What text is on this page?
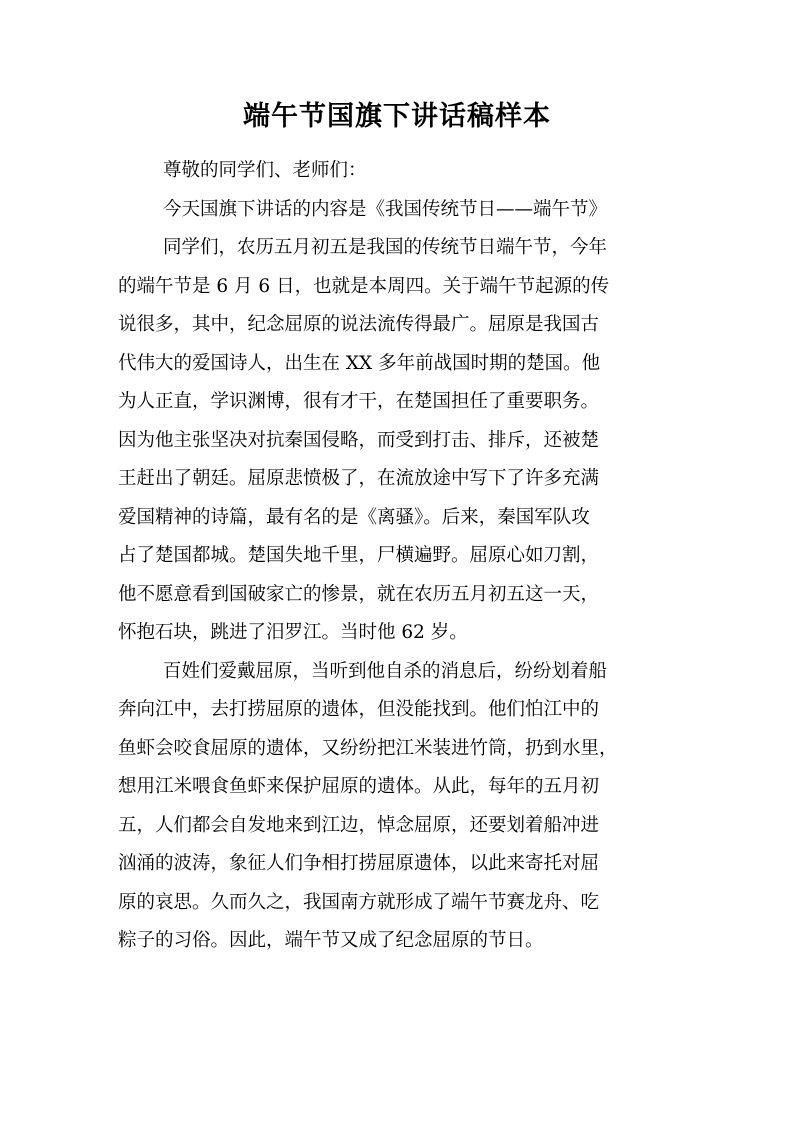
端午节国旗下讲话稿样本

尊敬的同学们、老师们：

今天国旗下讲话的内容是《我国传统节日——端午节》

同学们，农历五月初五是我国的传统节日端午节，今年

的端午节是 6 月 6 日，也就是本周四。关于端午节起源的传

说很多，其中，纪念屈原的说法流传得最广。屈原是我国古

代伟大的爱国诗人，出生在 XX 多年前战国时期的楚国。他

为人正直，学识渊博，很有才干，在楚国担任了重要职务。

因为他主张坚决对抗秦国侵略，而受到打击、排斥，还被楚

王赶出了朝廷。屈原悲愤极了，在流放途中写下了许多充满

爱国精神的诗篇，最有名的是《离骚》。后来，秦国军队攻

占了楚国都城。楚国失地千里，尸横遍野。屈原心如刀割，

他不愿意看到国破家亡的惨景，就在农历五月初五这一天，

怀抱石块，跳进了汨罗江。当时他 62 岁。

百姓们爱戴屈原，当听到他自杀的消息后，纷纷划着船

奔向江中，去打捞屈原的遗体，但没能找到。他们怕江中的

鱼虾会咬食屈原的遗体，又纷纷把江米装进竹筒，扔到水里，

想用江米喂食鱼虾来保护屈原的遗体。从此，每年的五月初

五，人们都会自发地来到江边，悼念屈原，还要划着船冲进

汹涌的波涛，象征人们争相打捞屈原遗体，以此来寄托对屈

原的哀思。久而久之，我国南方就形成了端午节赛龙舟、吃

粽子的习俗。因此，端午节又成了纪念屈原的节日。
